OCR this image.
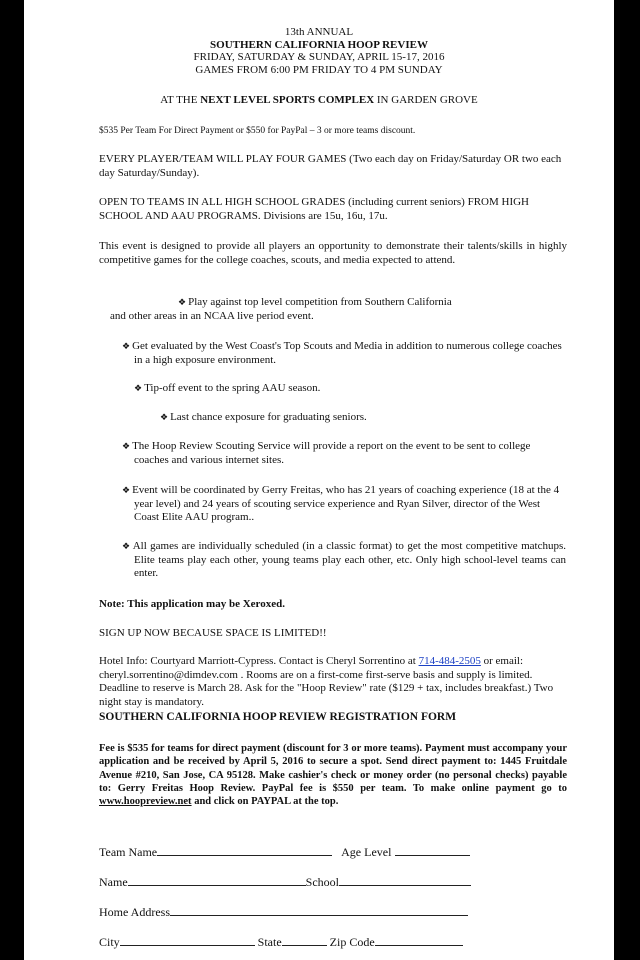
13th ANNUAL
SOUTHERN CALIFORNIA HOOP REVIEW
FRIDAY, SATURDAY & SUNDAY, APRIL 15-17, 2016
GAMES FROM 6:00 PM FRIDAY TO 4 PM SUNDAY
AT THE NEXT LEVEL SPORTS COMPLEX IN GARDEN GROVE
$535 Per Team For Direct Payment or $550 for PayPal – 3 or more teams discount.
EVERY PLAYER/TEAM WILL PLAY FOUR GAMES (Two each day on Friday/Saturday OR two each day Saturday/Sunday).
OPEN TO TEAMS IN ALL HIGH SCHOOL GRADES (including current seniors) FROM HIGH SCHOOL AND AAU PROGRAMS. Divisions are 15u, 16u, 17u.
This event is designed to provide all players an opportunity to demonstrate their talents/skills in highly competitive games for the college coaches, scouts, and media expected to attend.
❖ Play against top level competition from Southern California
and other areas in an NCAA live period event.
❖ Get evaluated by the West Coast's Top Scouts and Media in addition to numerous college coaches in a high exposure environment.
❖ Tip-off event to the spring AAU season.
❖ Last chance exposure for graduating seniors.
❖ The Hoop Review Scouting Service will provide a report on the event to be sent to college coaches and various internet sites.
❖ Event will be coordinated by Gerry Freitas, who has 21 years of coaching experience (18 at the 4 year level) and 24 years of scouting service experience and Ryan Silver, director of the West Coast Elite AAU program..
❖ All games are individually scheduled (in a classic format) to get the most competitive matchups. Elite teams play each other, young teams play each other, etc. Only high school-level teams can enter.
Note: This application may be Xeroxed.
SIGN UP NOW BECAUSE SPACE IS LIMITED!!
Hotel Info: Courtyard Marriott-Cypress. Contact is Cheryl Sorrentino at 714-484-2505 or email: cheryl.sorrentino@dimdev.com . Rooms are on a first-come first-serve basis and supply is limited. Deadline to reserve is March 28. Ask for the "Hoop Review" rate ($129 + tax, includes breakfast.) Two night stay is mandatory.
SOUTHERN CALIFORNIA HOOP REVIEW REGISTRATION FORM
Fee is $535 for teams for direct payment (discount for 3 or more teams). Payment must accompany your application and be received by April 5, 2016 to secure a spot. Send direct payment to: 1445 Fruitdale Avenue #210, San Jose, CA 95128. Make cashier's check or money order (no personal checks) payable to: Gerry Freitas Hoop Review. PayPal fee is $550 per team. To make online payment go to www.hoopreview.net and click on PAYPAL at the top.
Team Name	Age Level
Name	School
Home Address
City	State	Zip Code
